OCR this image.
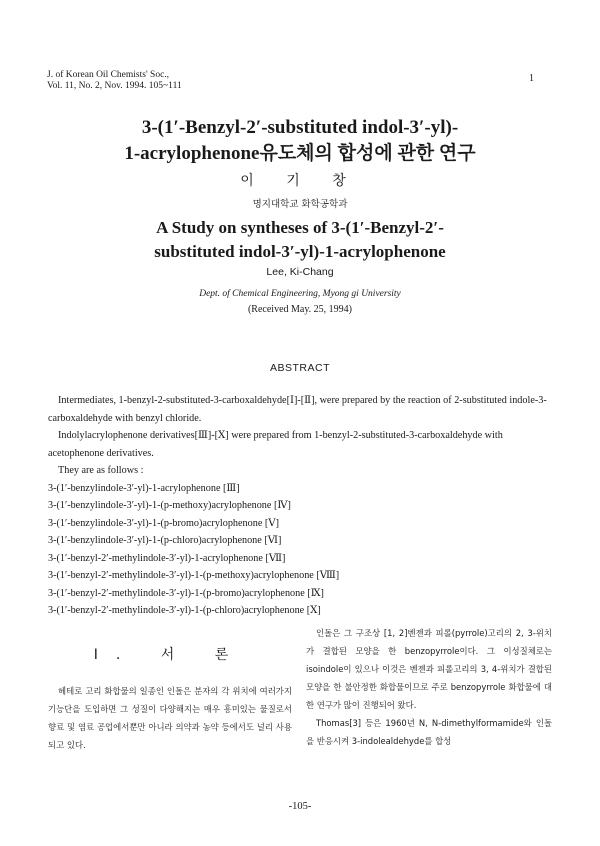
J. of Korean Oil Chemists' Soc.,
Vol. 11, No. 2, Nov. 1994. 105~111
1
3-(1′-Benzyl-2′-substituted indol-3′-yl)-
1-acrylophenone유도체의 합성에 관한 연구
이 기 창
명지대학교 화학공학과
A Study on syntheses of 3-(1′-Benzyl-2′-
substituted indol-3′-yl)-1-acrylophenone
Lee, Ki-Chang
Dept. of Chemical Engineering, Myong gi University
(Received May. 25, 1994)
ABSTRACT

Intermediates, 1-benzyl-2-substituted-3-carboxaldehyde[Ⅰ]-[Ⅱ], were prepared by the reaction of 2-substituted indole-3-carboxaldehyde with benzyl chloride.

Indolylacrylophenone derivatives[Ⅲ]-[Ⅹ] were prepared from 1-benzyl-2-substituted-3-carboxaldehyde with acetophenone derivatives.

They are as follows :

3-(1′-benzylindole-3′-yl)-1-acrylophenone [Ⅲ]
3-(1′-benzylindole-3′-yl)-1-(p-methoxy)acrylophenone [Ⅳ]
3-(1′-benzylindole-3′-yl)-1-(p-bromo)acrylophenone [Ⅴ]
3-(1′-benzylindole-3′-yl)-1-(p-chloro)acrylophenone [Ⅵ]
3-(1′-benzyl-2′-methylindole-3′-yl)-1-acrylophenone [Ⅶ]
3-(1′-benzyl-2′-methylindole-3′-yl)-1-(p-methoxy)acrylophenone [Ⅷ]
3-(1′-benzyl-2′-methylindole-3′-yl)-1-(p-bromo)acrylophenone [Ⅸ]
3-(1′-benzyl-2′-methylindole-3′-yl)-1-(p-chloro)acrylophenone [Ⅹ]
Ⅰ. 서 론

헤테로 고리 화합물의 일종인 인돌은 분자의 각 위치에 여러가지 기능단을 도입하면 그 성질이 다양해지는 매우 흥미있는 물질로서 향료 및 염료 공업에서뿐만 아니라 의약과 농약 등에서도 널리 사용되고 있다.

인돌은 그 구조상 [1, 2]벤젠과 피롤(pyrrole)고리의 2, 3-위치가 결합된 모양을 한 benzopyrrole이다. 그 이성질체로는 isoindole이 있으나 이것은 벤젠과 피롤고리의 3, 4-위치가 결합된 모양을 한 불안정한 화합물이므로 주로 benzopyrrole 화합물에 대한 연구가 많이 진행되어 왔다.

Thomas[3] 등은 1960년 N, N-dimethylformamide와 인돌을 반응시켜 3-indolealdehyde를 합성

-105-
